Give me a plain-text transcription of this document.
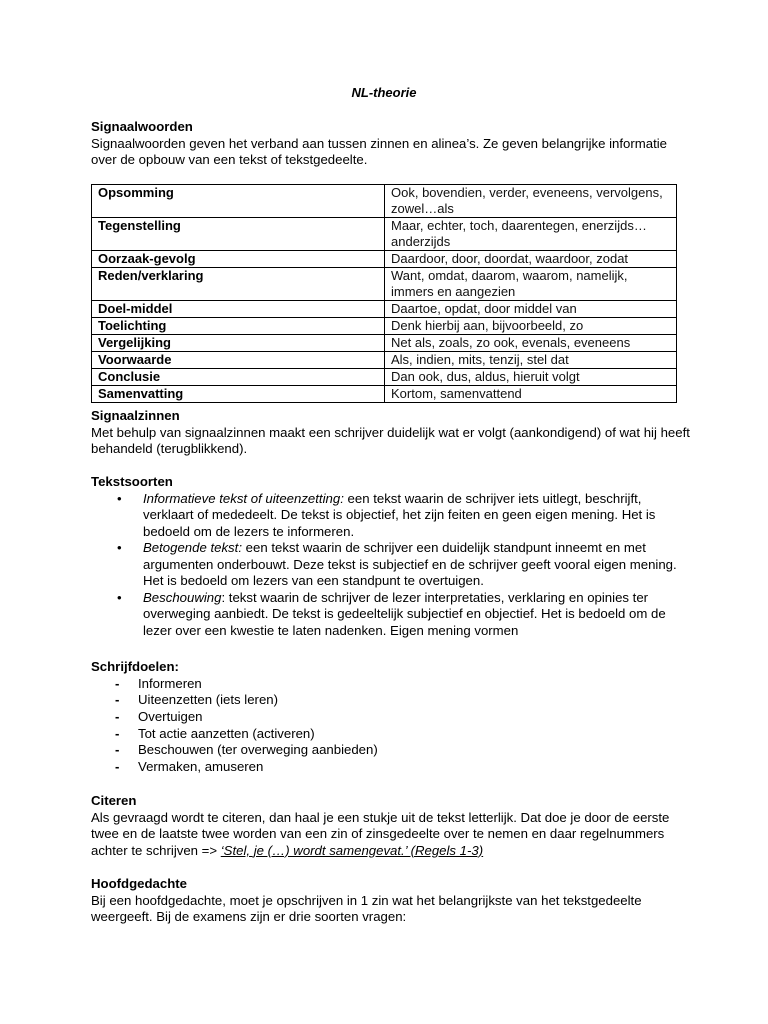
NL-theorie

Signaalwoorden

Signaalwoorden geven het verband aan tussen zinnen en alinea’s. Ze geven belangrijke informatie over de opbouw van een tekst of tekstgedeelte.

Opsomming	Ook, bovendien, verder, eveneens, vervolgens, zowel…als
Tegenstelling	Maar, echter, toch, daarentegen, enerzijds…anderzijds
Oorzaak-gevolg	Daardoor, door, doordat, waardoor, zodat
Reden/verklaring	Want, omdat, daarom, waarom, namelijk, immers en aangezien
Doel-middel	Daartoe, opdat, door middel van
Toelichting	Denk hierbij aan, bijvoorbeeld, zo
Vergelijking	Net als, zoals, zo ook, evenals, eveneens
Voorwaarde	Als, indien, mits, tenzij, stel dat
Conclusie	Dan ook, dus, aldus, hieruit volgt
Samenvatting	Kortom, samenvattend

Signaalzinnen

Met behulp van signaalzinnen maakt een schrijver duidelijk wat er volgt (aankondigend) of wat hij heeft behandeld (terugblikkend).

Tekstsoorten

• Informatieve tekst of uiteenzetting: een tekst waarin de schrijver iets uitlegt, beschrijft, verklaart of mededeelt. De tekst is objectief, het zijn feiten en geen eigen mening. Het is bedoeld om de lezers te informeren.
• Betogende tekst: een tekst waarin de schrijver een duidelijk standpunt inneemt en met argumenten onderbouwt. Deze tekst is subjectief en de schrijver geeft vooral eigen mening. Het is bedoeld om lezers van een standpunt te overtuigen.
• Beschouwing: tekst waarin de schrijver de lezer interpretaties, verklaring en opinies ter overweging aanbiedt. De tekst is gedeeltelijk subjectief en objectief. Het is bedoeld om de lezer over een kwestie te laten nadenken. Eigen mening vormen

Schrijfdoelen:

- Informeren
- Uiteenzetten (iets leren)
- Overtuigen
- Tot actie aanzetten (activeren)
- Beschouwen (ter overweging aanbieden)
- Vermaken, amuseren

Citeren

Als gevraagd wordt te citeren, dan haal je een stukje uit de tekst letterlijk. Dat doe je door de eerste twee en de laatste twee worden van een zin of zinsgedeelte over te nemen en daar regelnummers achter te schrijven => ‘Stel, je (…) wordt samengevat.’ (Regels 1-3)

Hoofdgedachte

Bij een hoofdgedachte, moet je opschrijven in 1 zin wat het belangrijkste van het tekstgedeelte weergeeft. Bij de examens zijn er drie soorten vragen:
